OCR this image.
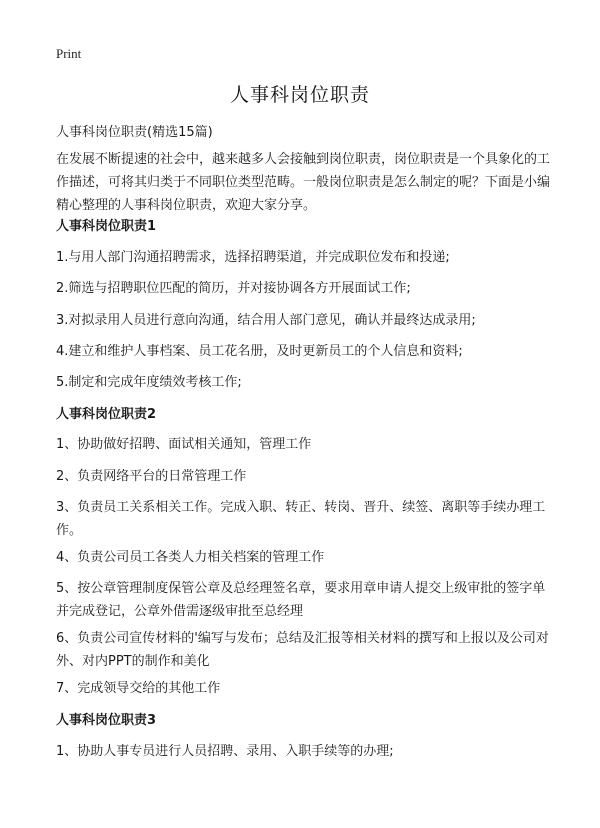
Print
人事科岗位职责
人事科岗位职责(精选15篇)
在发展不断提速的社会中，越来越多人会接触到岗位职责，岗位职责是一个具象化的工作描述，可将其归类于不同职位类型范畴。一般岗位职责是怎么制定的呢？下面是小编精心整理的人事科岗位职责，欢迎大家分享。
人事科岗位职责1
1.与用人部门沟通招聘需求，选择招聘渠道，并完成职位发布和投递;
2.筛选与招聘职位匹配的简历，并对接协调各方开展面试工作;
3.对拟录用人员进行意向沟通，结合用人部门意见，确认并最终达成录用;
4.建立和维护人事档案、员工花名册，及时更新员工的个人信息和资料;
5.制定和完成年度绩效考核工作;
人事科岗位职责2
1、协助做好招聘、面试相关通知，管理工作
2、负责网络平台的日常管理工作
3、负责员工关系相关工作。完成入职、转正、转岗、晋升、续签、离职等手续办理工作。
4、负责公司员工各类人力相关档案的管理工作
5、按公章管理制度保管公章及总经理签名章，要求用章申请人提交上级审批的签字单并完成登记，公章外借需逐级审批至总经理
6、负责公司宣传材料的'编写与发布；总结及汇报等相关材料的撰写和上报以及公司对外、对内PPT的制作和美化
7、完成领导交给的其他工作
人事科岗位职责3
1、协助人事专员进行人员招聘、录用、入职手续等的办理;
